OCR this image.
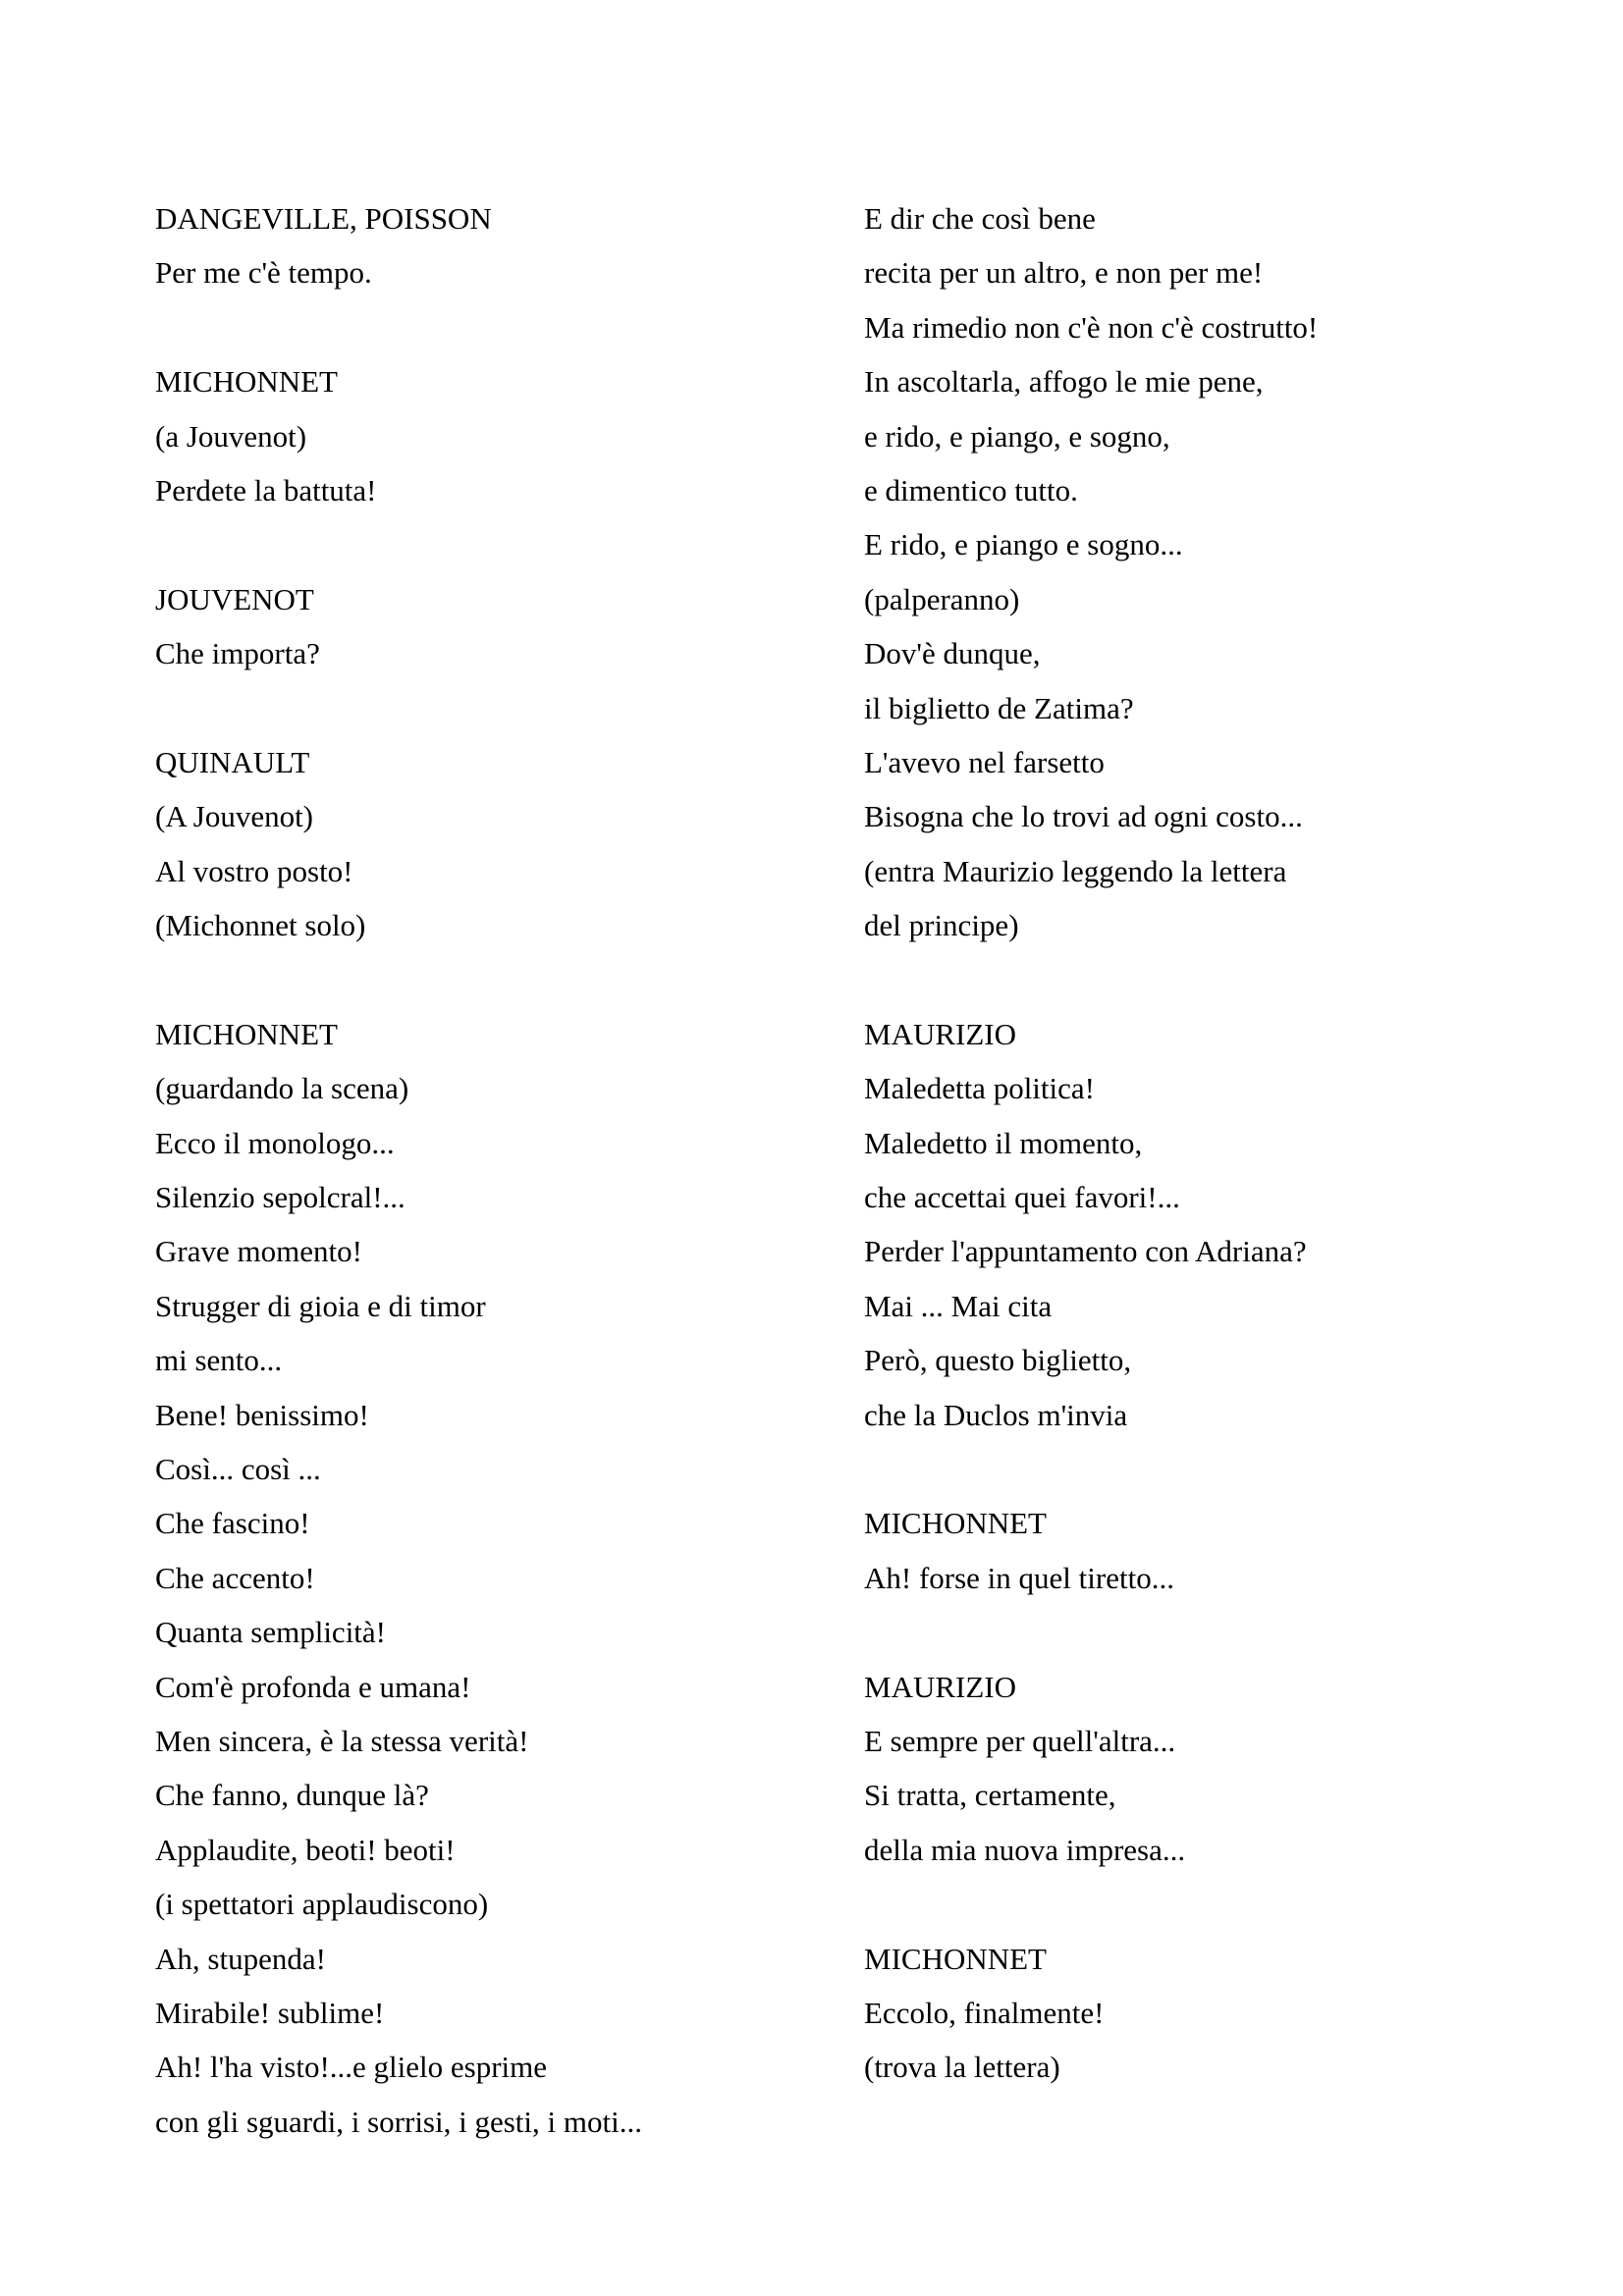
DANGEVILLE, POISSON
Per me c'è tempo.
MICHONNET
(a Jouvenot)
Perdete la battuta!
JOUVENOT
Che importa?
QUINAULT
(A Jouvenot)
Al vostro posto!
(Michonnet solo)
MICHONNET
(guardando la scena)
Ecco il monologo...
Silenzio sepolcral!...
Grave momento!
Strugger di gioia e di timor
mi sento...
Bene! benissimo!
Così... così ...
Che fascino!
Che accento!
Quanta semplicità!
Com'è profonda e umana!
Men sincera, è la stessa verità!
Che fanno, dunque là?
Applaudite, beoti! beoti!
(i spettatori applaudiscono)
Ah, stupenda!
Mirabile! sublime!
Ah! l'ha visto!...e glielo esprime
con gli sguardi, i sorrisi, i gesti, i moti...
E dir che così bene
recita per un altro, e non per me!
Ma rimedio non c'è non c'è costrutto!
In ascoltarla, affogo le mie pene,
e rido, e piango, e sogno,
e dimentico tutto.
E rido, e piango e sogno...
(palperanno)
Dov'è dunque,
il biglietto de Zatima?
L'avevo nel farsetto
Bisogna che lo trovi ad ogni costo...
(entra Maurizio leggendo la lettera
del principe)
MAURIZIO
Maledetta politica!
Maledetto il momento,
che accettai quei favori!...
Perder l'appuntamento con Adriana?
Mai ... Mai cita
Però, questo biglietto,
che la Duclos m'invia
MICHONNET
Ah! forse in quel tiretto...
MAURIZIO
E sempre per quell'altra...
Si tratta, certamente,
della mia nuova impresa...
MICHONNET
Eccolo, finalmente!
(trova la lettera)
